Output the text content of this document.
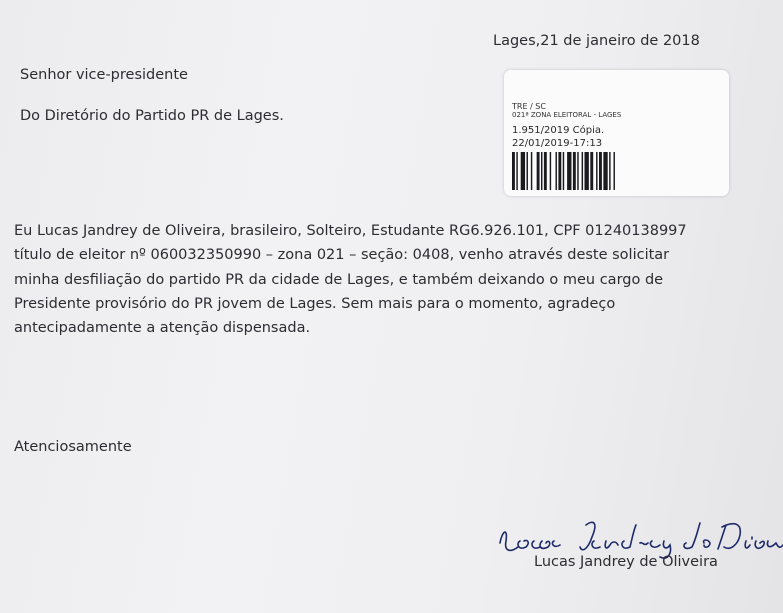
Lages,21 de janeiro de 2018
Senhor vice-presidente
Do Diretório do Partido PR de Lages.
TRE / SC
021ª ZONA ELEITORAL - LAGES
1.951/2019 Cópia.
22/01/2019-17:13
Eu Lucas Jandrey de Oliveira, brasileiro, Solteiro, Estudante RG6.926.101, CPF 01240138997
título de eleitor nº 060032350990 – zona 021 – seção: 0408, venho através deste solicitar
minha desfiliação do partido PR da cidade de Lages, e também deixando o meu cargo de
Presidente provisório do PR jovem de Lages. Sem mais para o momento, agradeço
antecipadamente a atenção dispensada.
Atenciosamente
Lucas Jandrey de Oliveira
